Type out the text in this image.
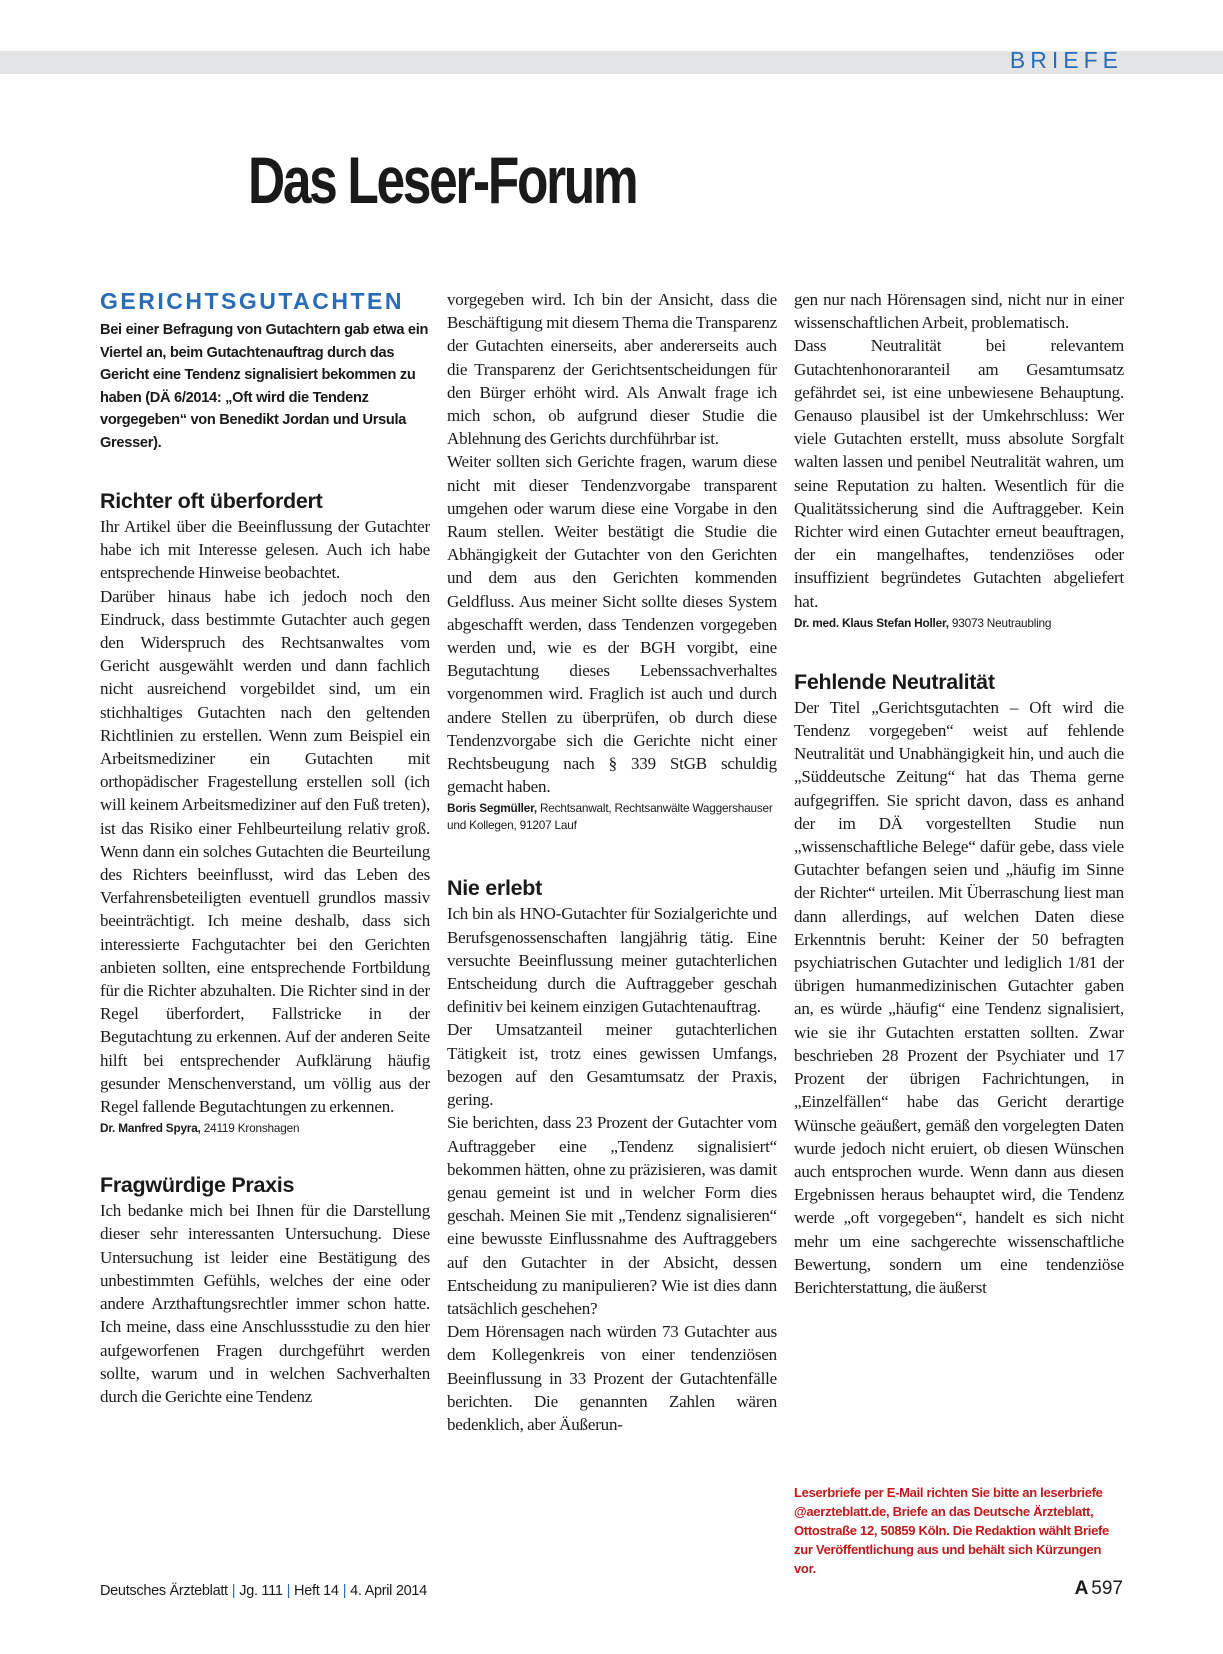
BRIEFE
Das Leser-Forum

GERICHTSGUTACHTEN

Bei einer Befragung von Gutachtern gab etwa ein Viertel an, beim Gutachtenauftrag durch das Gericht eine Tendenz signalisiert bekommen zu haben (DÄ 6/2014: „Oft wird die Tendenz vorgegeben“ von Benedikt Jordan und Ursula Gresser).

Richter oft überfordert

Ihr Artikel über die Beeinflussung der Gutachter habe ich mit Interesse gelesen. Auch ich habe entsprechende Hinweise beobachtet.

Darüber hinaus habe ich jedoch noch den Eindruck, dass bestimmte Gutachter auch gegen den Widerspruch des Rechtsanwaltes vom Gericht ausgewählt werden und dann fachlich nicht ausreichend vorgebildet sind, um ein stichhaltiges Gutachten nach den geltenden Richtlinien zu erstellen. Wenn zum Beispiel ein Arbeitsmediziner ein Gutachten mit orthopädischer Fragestellung erstellen soll (ich will keinem Arbeitsmediziner auf den Fuß treten), ist das Risiko einer Fehlbeurteilung relativ groß. Wenn dann ein solches Gutachten die Beurteilung des Richters beeinflusst, wird das Leben des Verfahrensbeteiligten eventuell grundlos massiv beeinträchtigt. Ich meine deshalb, dass sich interessierte Fachgutachter bei den Gerichten anbieten sollten, eine entsprechende Fortbildung für die Richter abzuhalten. Die Richter sind in der Regel überfordert, Fallstricke in der Begutachtung zu erkennen. Auf der anderen Seite hilft bei entsprechender Aufklärung häufig gesunder Menschenverstand, um völlig aus der Regel fallende Begutachtungen zu erkennen.

Dr. Manfred Spyra, 24119 Kronshagen

Fragwürdige Praxis

Ich bedanke mich bei Ihnen für die Darstellung dieser sehr interessanten Untersuchung. Diese Untersuchung ist leider eine Bestätigung des unbestimmten Gefühls, welches der eine oder andere Arzthaftungsrechtler immer schon hatte. Ich meine, dass eine Anschlussstudie zu den hier aufgeworfenen Fragen durchgeführt werden sollte, warum und in welchen Sachverhalten durch die Gerichte eine Tendenz

vorgegeben wird. Ich bin der Ansicht, dass die Beschäftigung mit diesem Thema die Transparenz der Gutachten einerseits, aber andererseits auch die Transparenz der Gerichtsentscheidungen für den Bürger erhöht wird. Als Anwalt frage ich mich schon, ob aufgrund dieser Studie die Ablehnung des Gerichts durchführbar ist.

Weiter sollten sich Gerichte fragen, warum diese nicht mit dieser Tendenzvorgabe transparent umgehen oder warum diese eine Vorgabe in den Raum stellen. Weiter bestätigt die Studie die Abhängigkeit der Gutachter von den Gerichten und dem aus den Gerichten kommenden Geldfluss. Aus meiner Sicht sollte dieses System abgeschafft werden, dass Tendenzen vorgegeben werden und, wie es der BGH vorgibt, eine Begutachtung dieses Lebenssachverhaltes vorgenommen wird. Fraglich ist auch und durch andere Stellen zu überprüfen, ob durch diese Tendenzvorgabe sich die Gerichte nicht einer Rechtsbeugung nach § 339 StGB schuldig gemacht haben.

Boris Segmüller, Rechtsanwalt, Rechtsanwälte Waggershauser und Kollegen, 91207 Lauf

Nie erlebt

Ich bin als HNO-Gutachter für Sozialgerichte und Berufsgenossenschaften langjährig tätig. Eine versuchte Beeinflussung meiner gutachterlichen Entscheidung durch die Auftraggeber geschah definitiv bei keinem einzigen Gutachtenauftrag.

Der Umsatzanteil meiner gutachterlichen Tätigkeit ist, trotz eines gewissen Umfangs, bezogen auf den Gesamtumsatz der Praxis, gering.

Sie berichten, dass 23 Prozent der Gutachter vom Auftraggeber eine „Tendenz signalisiert“ bekommen hätten, ohne zu präzisieren, was damit genau gemeint ist und in welcher Form dies geschah. Meinen Sie mit „Tendenz signalisieren“ eine bewusste Einflussnahme des Auftraggebers auf den Gutachter in der Absicht, dessen Entscheidung zu manipulieren? Wie ist dies dann tatsächlich geschehen?

Dem Hörensagen nach würden 73 Gutachter aus dem Kollegenkreis von einer tendenziösen Beeinflussung in 33 Prozent der Gutachtenfälle berichten. Die genannten Zahlen wären bedenklich, aber Äußerun-

gen nur nach Hörensagen sind, nicht nur in einer wissenschaftlichen Arbeit, problematisch.

Dass Neutralität bei relevantem Gutachtenhonoraranteil am Gesamtumsatz gefährdet sei, ist eine unbewiesene Behauptung. Genauso plausibel ist der Umkehrschluss: Wer viele Gutachten erstellt, muss absolute Sorgfalt walten lassen und penibel Neutralität wahren, um seine Reputation zu halten. Wesentlich für die Qualitätssicherung sind die Auftraggeber. Kein Richter wird einen Gutachter erneut beauftragen, der ein mangelhaftes, tendenziöses oder insuffizient begründetes Gutachten abgeliefert hat.

Dr. med. Klaus Stefan Holler, 93073 Neutraubling

Fehlende Neutralität

Der Titel „Gerichtsgutachten – Oft wird die Tendenz vorgegeben“ weist auf fehlende Neutralität und Unabhängigkeit hin, und auch die „Süddeutsche Zeitung“ hat das Thema gerne aufgegriffen. Sie spricht davon, dass es anhand der im DÄ vorgestellten Studie nun „wissenschaftliche Belege“ dafür gebe, dass viele Gutachter befangen seien und „häufig im Sinne der Richter“ urteilen. Mit Überraschung liest man dann allerdings, auf welchen Daten diese Erkenntnis beruht: Keiner der 50 befragten psychiatrischen Gutachter und lediglich 1/81 der übrigen humanmedizinischen Gutachter gaben an, es würde „häufig“ eine Tendenz signalisiert, wie sie ihr Gutachten erstatten sollten. Zwar beschrieben 28 Prozent der Psychiater und 17 Prozent der übrigen Fachrichtungen, in „Einzelfällen“ habe das Gericht derartige Wünsche geäußert, gemäß den vorgelegten Daten wurde jedoch nicht eruiert, ob diesen Wünschen auch entsprochen wurde. Wenn dann aus diesen Ergebnissen heraus behauptet wird, die Tendenz werde „oft vorgegeben“, handelt es sich nicht mehr um eine sachgerechte wissenschaftliche Bewertung, sondern um eine tendenziöse Berichterstattung, die äußerst

Leserbriefe per E-Mail richten Sie bitte an leserbriefe @aerzteblatt.de, Briefe an das Deutsche Ärzteblatt, Ottostraße 12, 50859 Köln. Die Redaktion wählt Briefe zur Veröffentlichung aus und behält sich Kürzungen vor.

Deutsches Ärzteblatt | Jg. 111 | Heft 14 | 4. April 2014	A 597
